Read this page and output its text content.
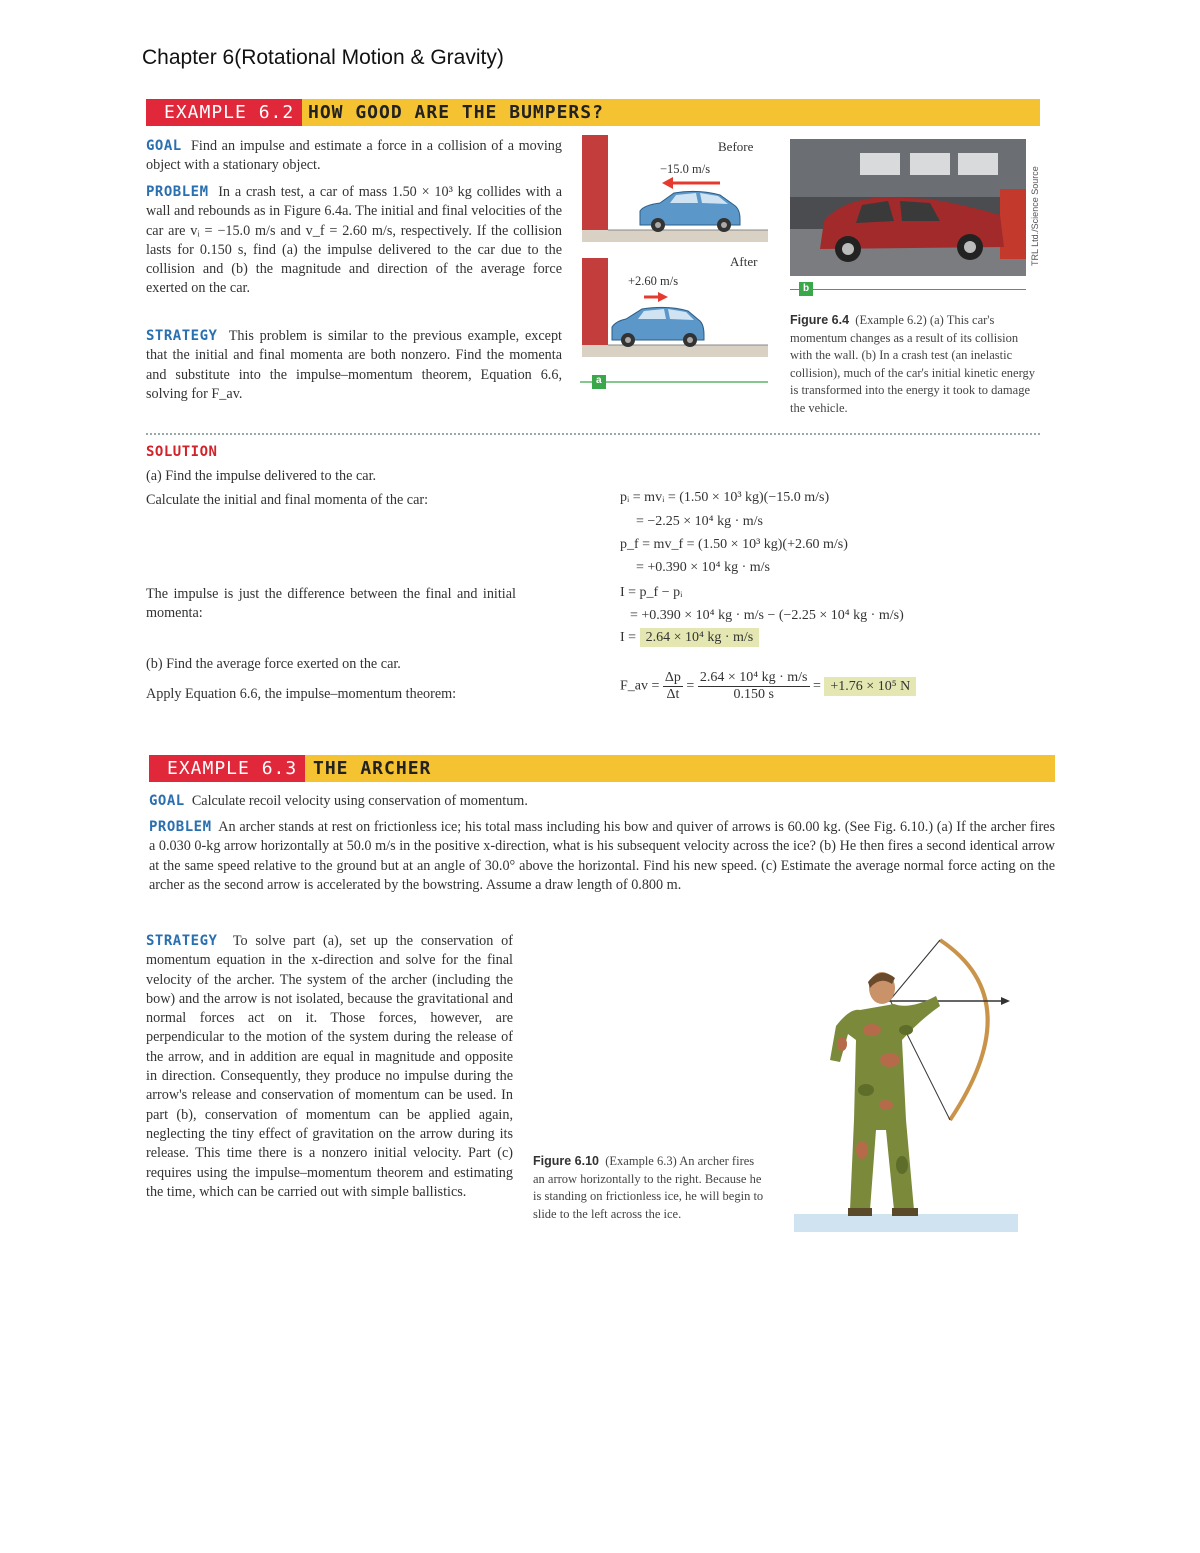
Chapter 6(Rotational Motion & Gravity)
EXAMPLE 6.2 HOW GOOD ARE THE BUMPERS?
GOAL Find an impulse and estimate a force in a collision of a moving object with a stationary object.
PROBLEM In a crash test, a car of mass 1.50 × 10³ kg collides with a wall and rebounds as in Figure 6.4a. The initial and final velocities of the car are vᵢ = −15.0 m/s and v_f = 2.60 m/s, respectively. If the collision lasts for 0.150 s, find (a) the impulse delivered to the car due to the collision and (b) the magnitude and direction of the average force exerted on the car.
STRATEGY This problem is similar to the previous example, except that the initial and final momenta are both nonzero. Find the momenta and substitute into the impulse–momentum theorem, Equation 6.6, solving for F_av.
Before
−15.0 m/s
After
+2.60 m/s
a
TRL Ltd./Science Source
b
Figure 6.4 (Example 6.2) (a) This car's momentum changes as a result of its collision with the wall. (b) In a crash test (an inelastic collision), much of the car's initial kinetic energy is transformed into the energy it took to damage the vehicle.
SOLUTION
(a) Find the impulse delivered to the car.
Calculate the initial and final momenta of the car:	pᵢ = mvᵢ = (1.50 × 10³ kg)(−15.0 m/s)
= −2.25 × 10⁴ kg · m/s
p_f = mv_f = (1.50 × 10³ kg)(+2.60 m/s)
= +0.390 × 10⁴ kg · m/s
The impulse is just the difference between the final and initial momenta:
I = p_f − pᵢ
= +0.390 × 10⁴ kg · m/s − (−2.25 × 10⁴ kg · m/s)
I = 2.64 × 10⁴ kg · m/s
(b) Find the average force exerted on the car.
Apply Equation 6.6, the impulse–momentum theorem:	F_av = $\frac{\Delta p}{\Delta t} = \frac{\text{2.64 × 10⁴ kg · m/s}}{0.150 s} = +1.76 \times 10^5$ N
EXAMPLE 6.3 THE ARCHER
GOAL Calculate recoil velocity using conservation of momentum.
PROBLEM An archer stands at rest on frictionless ice; his total mass including his bow and quiver of arrows is 60.00 kg. (See Fig. 6.10.) (a) If the archer fires a 0.030 0-kg arrow horizontally at 50.0 m/s in the positive x-direction, what is his subsequent velocity across the ice? (b) He then fires a second identical arrow at the same speed relative to the ground but at an angle of 30.0° above the horizontal. Find his new speed. (c) Estimate the average normal force acting on the archer as the second arrow is accelerated by the bowstring. Assume a draw length of 0.800 m.
STRATEGY To solve part (a), set up the conservation of momentum equation in the x-direction and solve for the final velocity of the archer. The system of the archer (including the bow) and the arrow is not isolated, because the gravitational and normal forces act on it. Those forces, however, are perpendicular to the motion of the system during the release of the arrow, and in addition are equal in magnitude and opposite in direction. Consequently, they produce no impulse during the arrow's release and conservation of momentum can be used. In part (b), conservation of momentum can be applied again, neglecting the tiny effect of gravitation on the arrow during its release. This time there is a nonzero initial velocity. Part (c) requires using the impulse–momentum theorem and estimating the time, which can be carried out with simple ballistics.
Figure 6.10 (Example 6.3) An archer fires an arrow horizontally to the right. Because he is standing on frictionless ice, he will begin to slide to the left across the ice.
